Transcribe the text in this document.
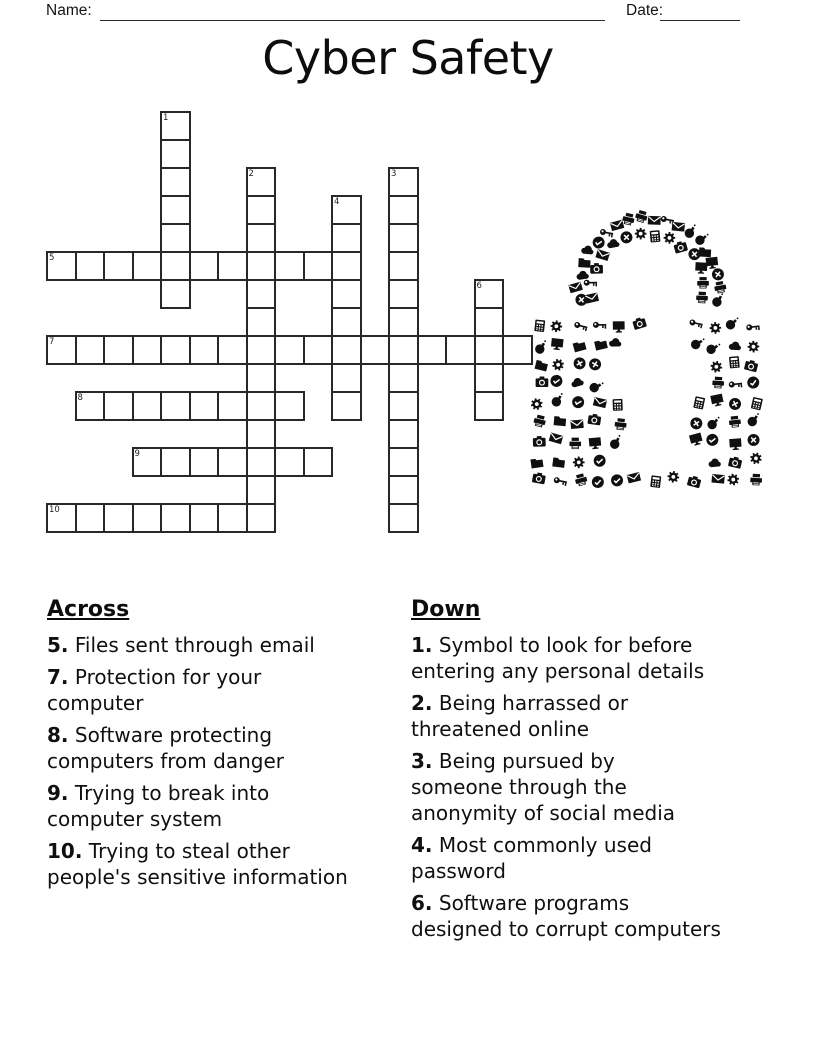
Name:	Date:
Cyber Safety
1
2	3
4
5
6
7
8
9
10
Across
5. Files sent through email
7. Protection for your
computer
8. Software protecting
computers from danger
9. Trying to break into
computer system
10. Trying to steal other
people's sensitive information
Down
1. Symbol to look for before
entering any personal details
2. Being harrassed or
threatened online
3. Being pursued by
someone through the
anonymity of social media
4. Most commonly used
password
6. Software programs
designed to corrupt computers
